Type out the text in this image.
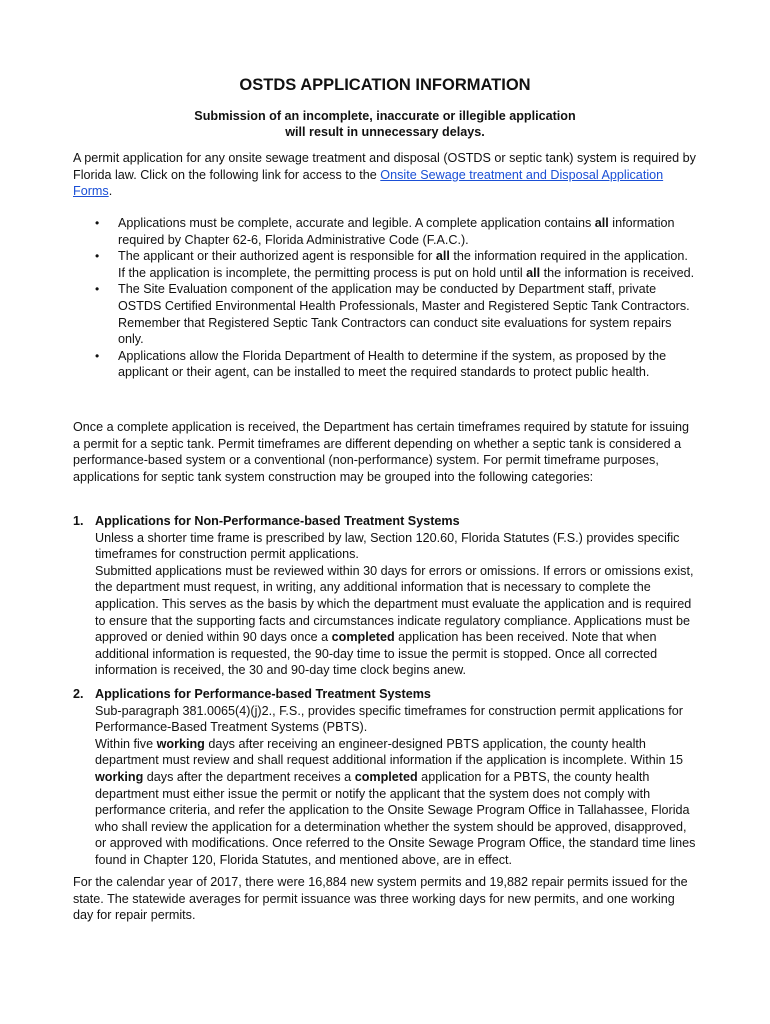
OSTDS APPLICATION INFORMATION
Submission of an incomplete, inaccurate or illegible application
will result in unnecessary delays.

A permit application for any onsite sewage treatment and disposal (OSTDS or septic tank) system is required by Florida law. Click on the following link for access to the Onsite Sewage treatment and Disposal Application Forms.

• Applications must be complete, accurate and legible. A complete application contains all information required by Chapter 62-6, Florida Administrative Code (F.A.C.).
• The applicant or their authorized agent is responsible for all the information required in the application. If the application is incomplete, the permitting process is put on hold until all the information is received.
• The Site Evaluation component of the application may be conducted by Department staff, private OSTDS Certified Environmental Health Professionals, Master and Registered Septic Tank Contractors. Remember that Registered Septic Tank Contractors can conduct site evaluations for system repairs only.
• Applications allow the Florida Department of Health to determine if the system, as proposed by the applicant or their agent, can be installed to meet the required standards to protect public health.

Once a complete application is received, the Department has certain timeframes required by statute for issuing a permit for a septic tank. Permit timeframes are different depending on whether a septic tank is considered a performance-based system or a conventional (non-performance) system. For permit timeframe purposes, applications for septic tank system construction may be grouped into the following categories:

1. Applications for Non-Performance-based Treatment Systems
Unless a shorter time frame is prescribed by law, Section 120.60, Florida Statutes (F.S.) provides specific timeframes for construction permit applications.
Submitted applications must be reviewed within 30 days for errors or omissions. If errors or omissions exist, the department must request, in writing, any additional information that is necessary to complete the application. This serves as the basis by which the department must evaluate the application and is required to ensure that the supporting facts and circumstances indicate regulatory compliance. Applications must be approved or denied within 90 days once a completed application has been received. Note that when additional information is requested, the 90-day time to issue the permit is stopped. Once all corrected information is received, the 30 and 90-day time clock begins anew.
2. Applications for Performance-based Treatment Systems
Sub-paragraph 381.0065(4)(j)2., F.S., provides specific timeframes for construction permit applications for Performance-Based Treatment Systems (PBTS).
Within five working days after receiving an engineer-designed PBTS application, the county health department must review and shall request additional information if the application is incomplete. Within 15 working days after the department receives a completed application for a PBTS, the county health department must either issue the permit or notify the applicant that the system does not comply with performance criteria, and refer the application to the Onsite Sewage Program Office in Tallahassee, Florida who shall review the application for a determination whether the system should be approved, disapproved, or approved with modifications. Once referred to the Onsite Sewage Program Office, the standard time lines found in Chapter 120, Florida Statutes, and mentioned above, are in effect.

For the calendar year of 2017, there were 16,884 new system permits and 19,882 repair permits issued for the state. The statewide averages for permit issuance was three working days for new permits, and one working day for repair permits.
